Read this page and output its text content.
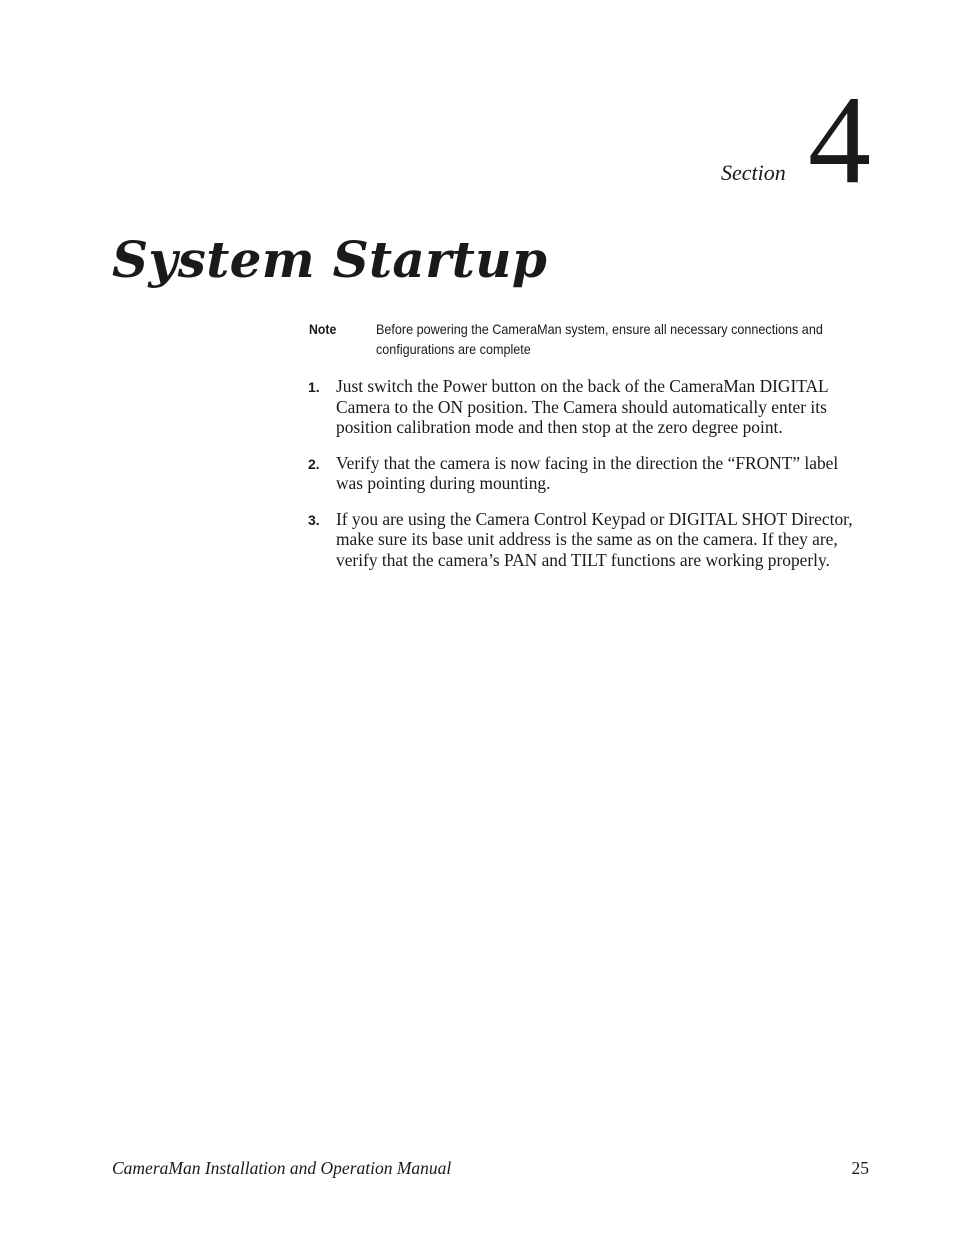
Section 4
System Startup
Note	Before powering the CameraMan system, ensure all necessary connections and configurations are complete
1. Just switch the Power button on the back of the CameraMan DIGITAL Camera to the ON position. The Camera should automatically enter its position calibration mode and then stop at the zero degree point.

2. Verify that the camera is now facing in the direction the “FRONT” label was pointing during mounting.

3. If you are using the Camera Control Keypad or DIGITAL SHOT Director, make sure its base unit address is the same as on the camera. If they are, verify that the camera’s PAN and TILT functions are working properly.

CameraMan Installation and Operation Manual	25
